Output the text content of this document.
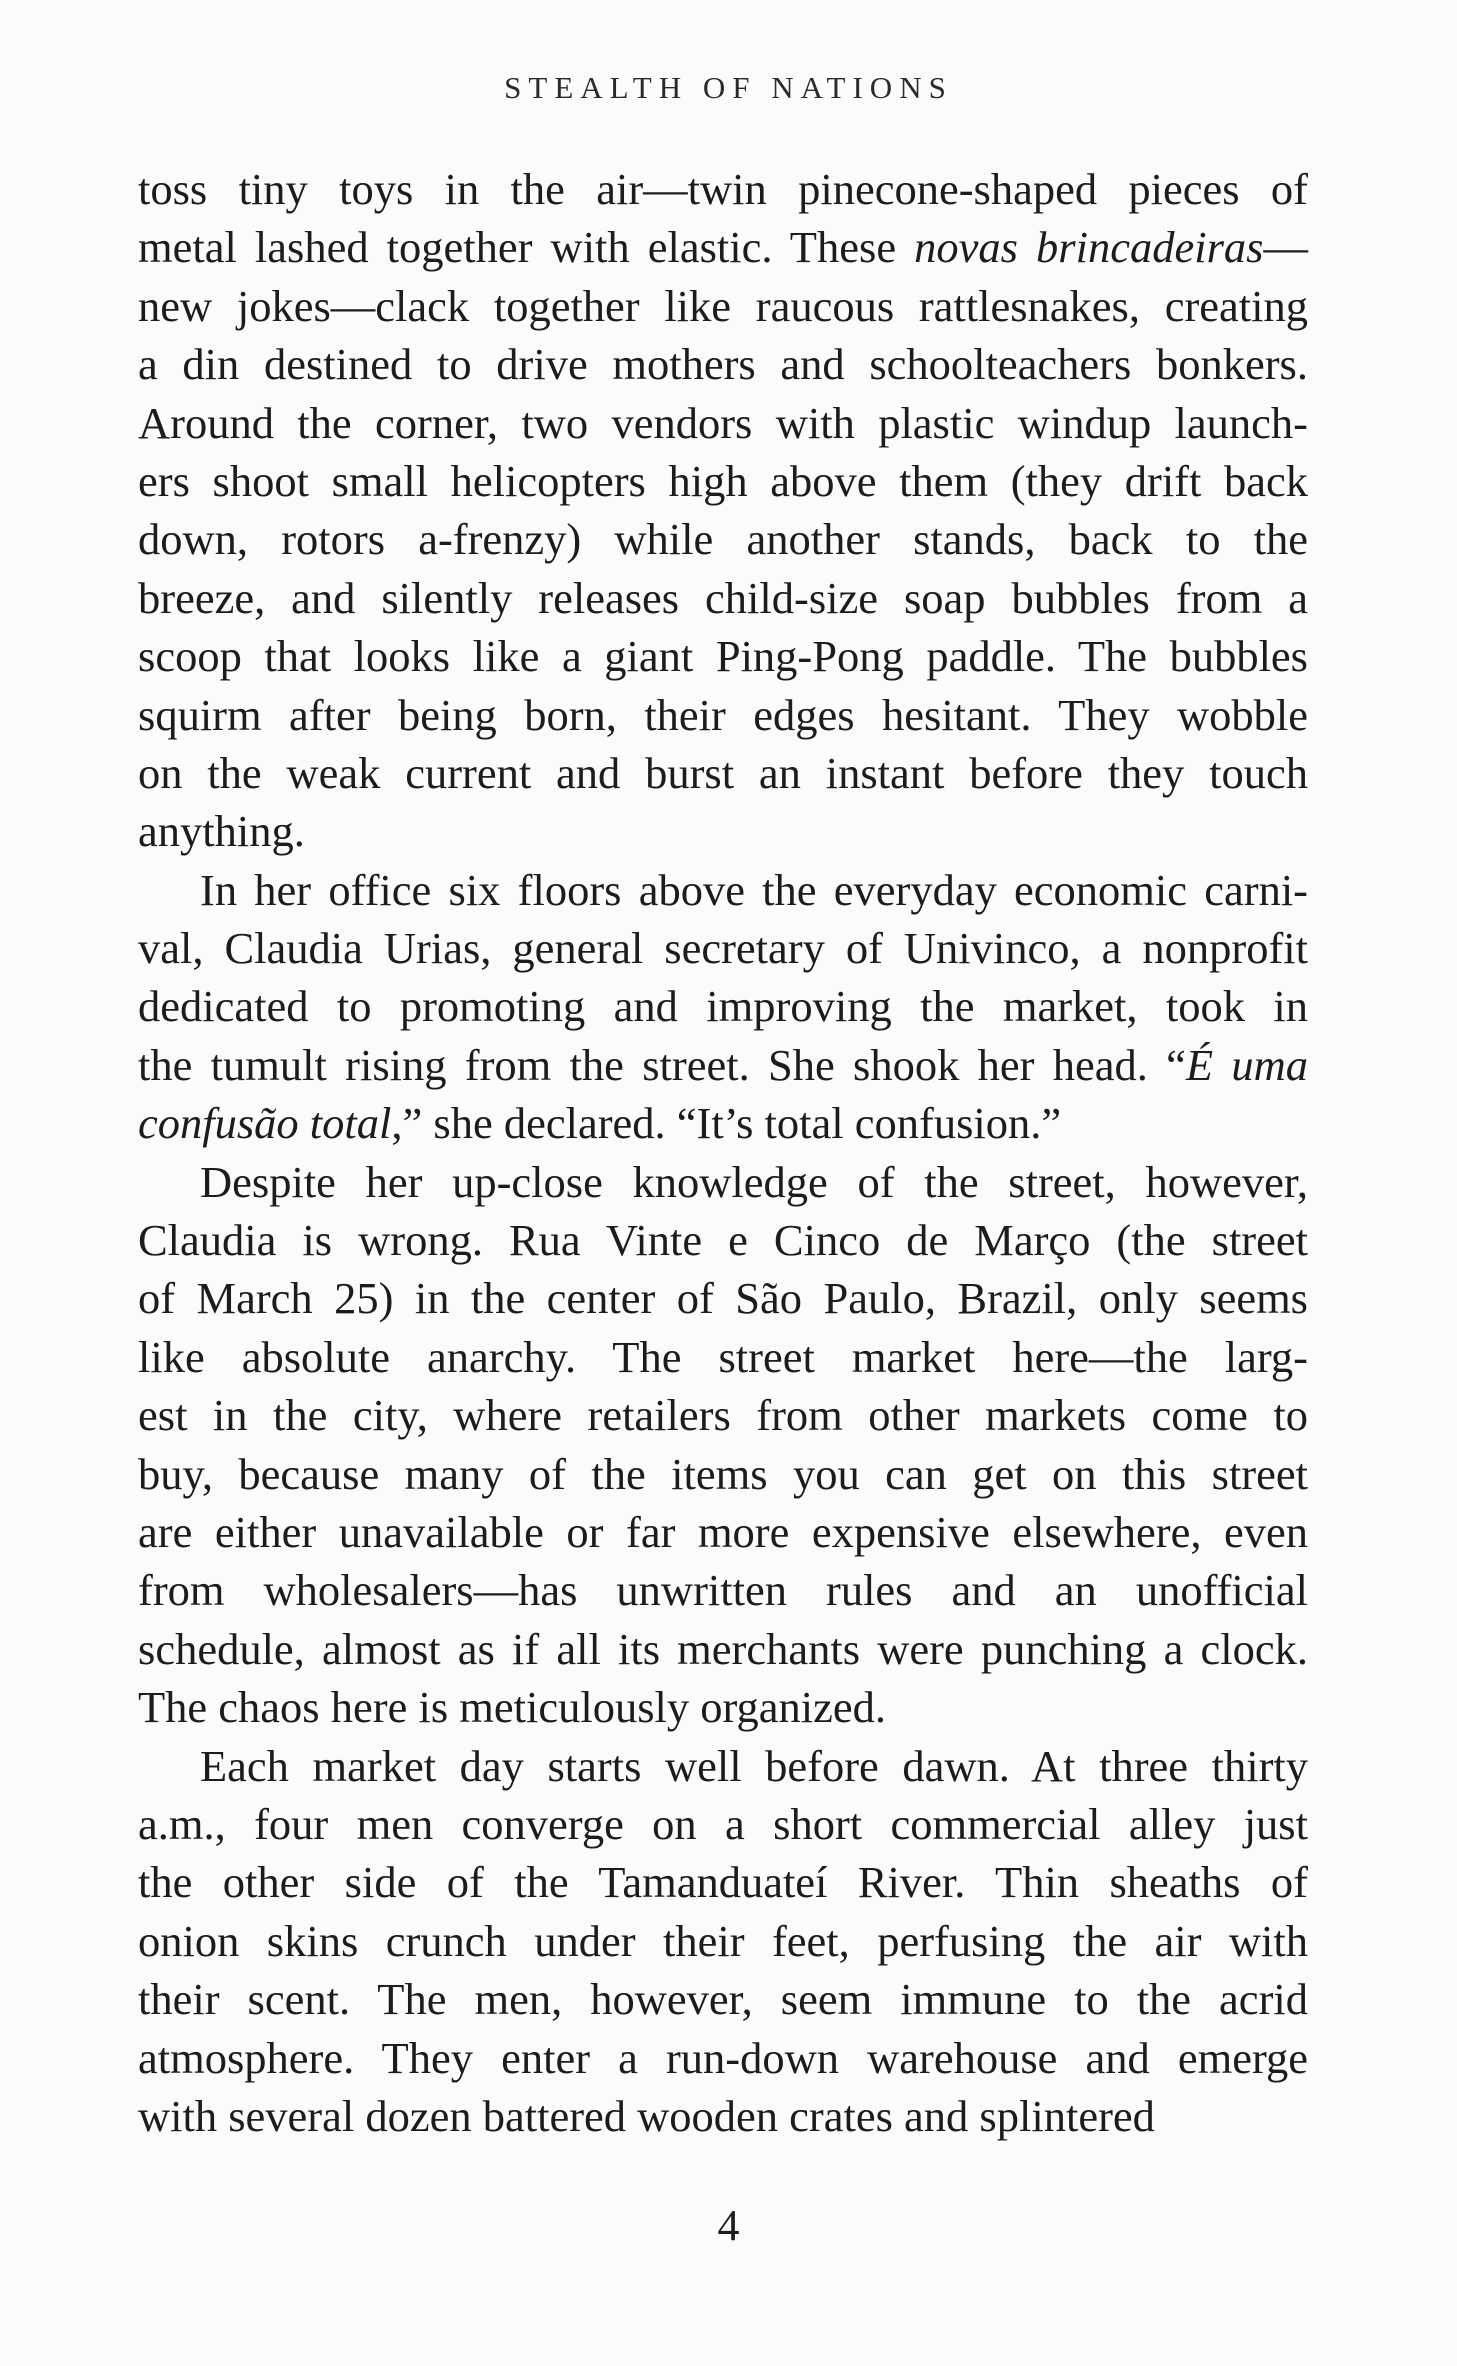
STEALTH OF NATIONS
toss tiny toys in the air—twin pinecone-shaped pieces of
metal lashed together with elastic. These novas brincadeiras—
new jokes—clack together like raucous rattlesnakes, creating
a din destined to drive mothers and schoolteachers bonkers.
Around the corner, two vendors with plastic windup launch-
ers shoot small helicopters high above them (they drift back
down, rotors a-frenzy) while another stands, back to the
breeze, and silently releases child-size soap bubbles from a
scoop that looks like a giant Ping-Pong paddle. The bubbles
squirm after being born, their edges hesitant. They wobble
on the weak current and burst an instant before they touch
anything.
In her office six floors above the everyday economic carni-
val, Claudia Urias, general secretary of Univinco, a nonprofit
dedicated to promoting and improving the market, took in
the tumult rising from the street. She shook her head. “É uma
confusão total,” she declared. “It’s total confusion.”
Despite her up-close knowledge of the street, however,
Claudia is wrong. Rua Vinte e Cinco de Março (the street
of March 25) in the center of São Paulo, Brazil, only seems
like absolute anarchy. The street market here—the larg-
est in the city, where retailers from other markets come to
buy, because many of the items you can get on this street
are either unavailable or far more expensive elsewhere, even
from wholesalers—has unwritten rules and an unofficial
schedule, almost as if all its merchants were punching a clock.
The chaos here is meticulously organized.
Each market day starts well before dawn. At three thirty
a.m., four men converge on a short commercial alley just
the other side of the Tamanduateí River. Thin sheaths of
onion skins crunch under their feet, perfusing the air with
their scent. The men, however, seem immune to the acrid
atmosphere. They enter a run-down warehouse and emerge
with several dozen battered wooden crates and splintered
4
